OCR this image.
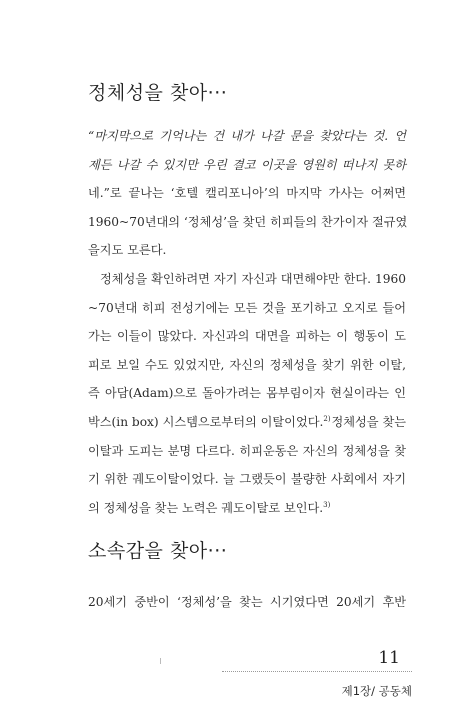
정체성을 찾아···
“마지막으로 기억나는 건 내가 나갈 문을 찾았다는 것. 언
제든 나갈 수 있지만 우린 결코 이곳을 영원히 떠나지 못하
네.”로 끝나는 ‘호텔 캘리포니아’의 마지막 가사는 어쩌면
1960~70년대의 ‘정체성’을 찾던 히피들의 찬가이자 절규였
을지도 모른다.
정체성을 확인하려면 자기 자신과 대면해야만 한다. 1960
~70년대 히피 전성기에는 모든 것을 포기하고 오지로 들어
가는 이들이 많았다. 자신과의 대면을 피하는 이 행동이 도
피로 보일 수도 있었지만, 자신의 정체성을 찾기 위한 이탈,
즉 아담(Adam)으로 돌아가려는 몸부림이자 현실이라는 인
박스(in box) 시스템으로부터의 이탈이었다.$^{2)}$ 정체성을 찾는
이탈과 도피는 분명 다르다. 히피운동은 자신의 정체성을 찾
기 위한 궤도이탈이었다. 늘 그랬듯이 불량한 사회에서 자기
의 정체성을 찾는 노력은 궤도이탈로 보인다.$^{3)}$
소속감을 찾아···
20세기 중반이 ‘정체성’을 찾는 시기였다면 20세기 후반
11
제1장/ 공동체
